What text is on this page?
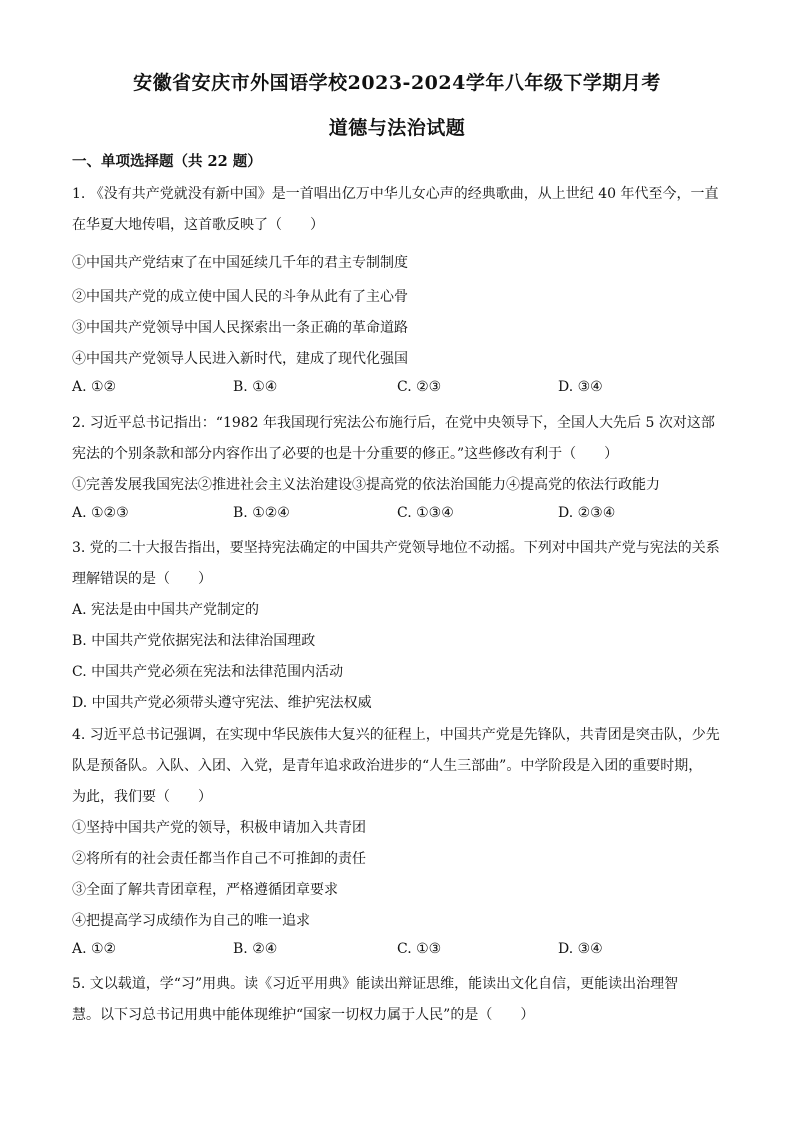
安徽省安庆市外国语学校2023-2024学年八年级下学期月考
道德与法治试题
一、单项选择题（共 22 题）
1. 《没有共产党就没有新中国》是一首唱出亿万中华儿女心声的经典歌曲，从上世纪 40 年代至今，一直
在华夏大地传唱，这首歌反映了（　　）
①中国共产党结束了在中国延续几千年的君主专制制度
②中国共产党的成立使中国人民的斗争从此有了主心骨
③中国共产党领导中国人民探索出一条正确的革命道路
④中国共产党领导人民进入新时代，建成了现代化强国
A. ①②	B. ①④	C. ②③	D. ③④
2. 习近平总书记指出：“1982 年我国现行宪法公布施行后，在党中央领导下，全国人大先后 5 次对这部
宪法的个别条款和部分内容作出了必要的也是十分重要的修正。”这些修改有利于（　　）
①完善发展我国宪法②推进社会主义法治建设③提高党的依法治国能力④提高党的依法行政能力
A. ①②③	B. ①②④	C. ①③④	D. ②③④
3. 党的二十大报告指出，要坚持宪法确定的中国共产党领导地位不动摇。下列对中国共产党与宪法的关系
理解错误的是（　　）
A. 宪法是由中国共产党制定的
B. 中国共产党依据宪法和法律治国理政
C. 中国共产党必须在宪法和法律范围内活动
D. 中国共产党必须带头遵守宪法、维护宪法权威
4. 习近平总书记强调，在实现中华民族伟大复兴的征程上，中国共产党是先锋队，共青团是突击队，少先
队是预备队。入队、入团、入党，是青年追求政治进步的“人生三部曲”。中学阶段是入团的重要时期，
为此，我们要（　　）
①坚持中国共产党的领导，积极申请加入共青团
②将所有的社会责任都当作自己不可推卸的责任
③全面了解共青团章程，严格遵循团章要求
④把提高学习成绩作为自己的唯一追求
A. ①②	B. ②④	C. ①③	D. ③④
5. 文以载道，学“习”用典。读《习近平用典》能读出辩证思维，能读出文化自信，更能读出治理智
慧。以下习总书记用典中能体现维护“国家一切权力属于人民”的是（　　）
